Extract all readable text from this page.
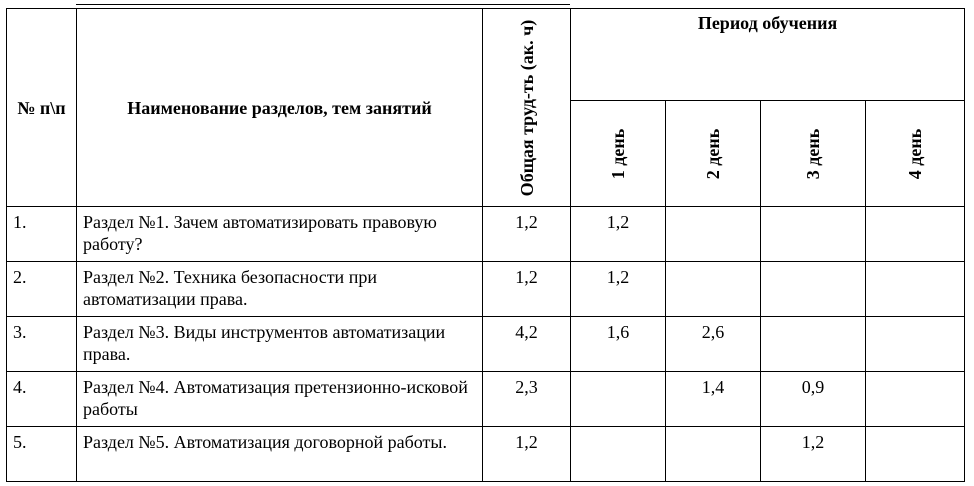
№ п\п	Наименование разделов, тем занятий	Общая труд-ть (ак. ч)	Период обучения			

			1 день	2 день	3 день	4 день

1.	Раздел №1. Зачем автоматизировать правовую работу?	1,2	1,2			
2.	Раздел №2. Техника безопасности при автоматизации права.	1,2	1,2			
3.	Раздел №3. Виды инструментов автоматизации права.	4,2	1,6	2,6		
4.	Раздел №4. Автоматизация претензионно-исковой работы	2,3		1,4	0,9	
5.	Раздел №5. Автоматизация договорной работы.	1,2			1,2	
